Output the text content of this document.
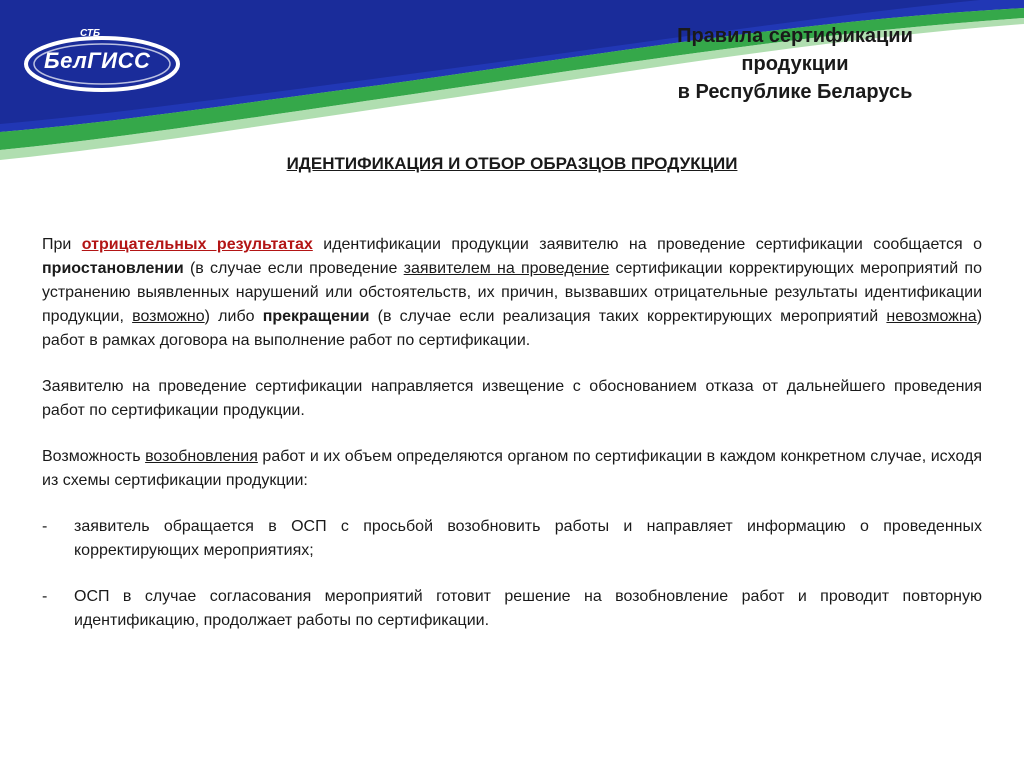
СТБ
БелГИСС
Правила сертификации
продукции
в Республике Беларусь
ИДЕНТИФИКАЦИЯ И ОТБОР ОБРАЗЦОВ ПРОДУКЦИИ

При отрицательных результатах идентификации продукции заявителю на проведение сертификации сообщается о приостановлении (в случае если проведение заявителем на проведение сертификации корректирующих мероприятий по устранению выявленных нарушений или обстоятельств, их причин, вызвавших отрицательные результаты идентификации продукции, возможно) либо прекращении (в случае если реализация таких корректирующих мероприятий невозможна) работ в рамках договора на выполнение работ по сертификации.

Заявителю на проведение сертификации направляется извещение с обоснованием отказа от дальнейшего проведения работ по сертификации продукции.

Возможность возобновления работ и их объем определяются органом по сертификации в каждом конкретном случае, исходя из схемы сертификации продукции:

-	заявитель обращается в ОСП с просьбой возобновить работы и направляет информацию о проведенных корректирующих мероприятиях;
-	ОСП в случае согласования мероприятий готовит решение на возобновление работ и проводит повторную идентификацию, продолжает работы по сертификации.
